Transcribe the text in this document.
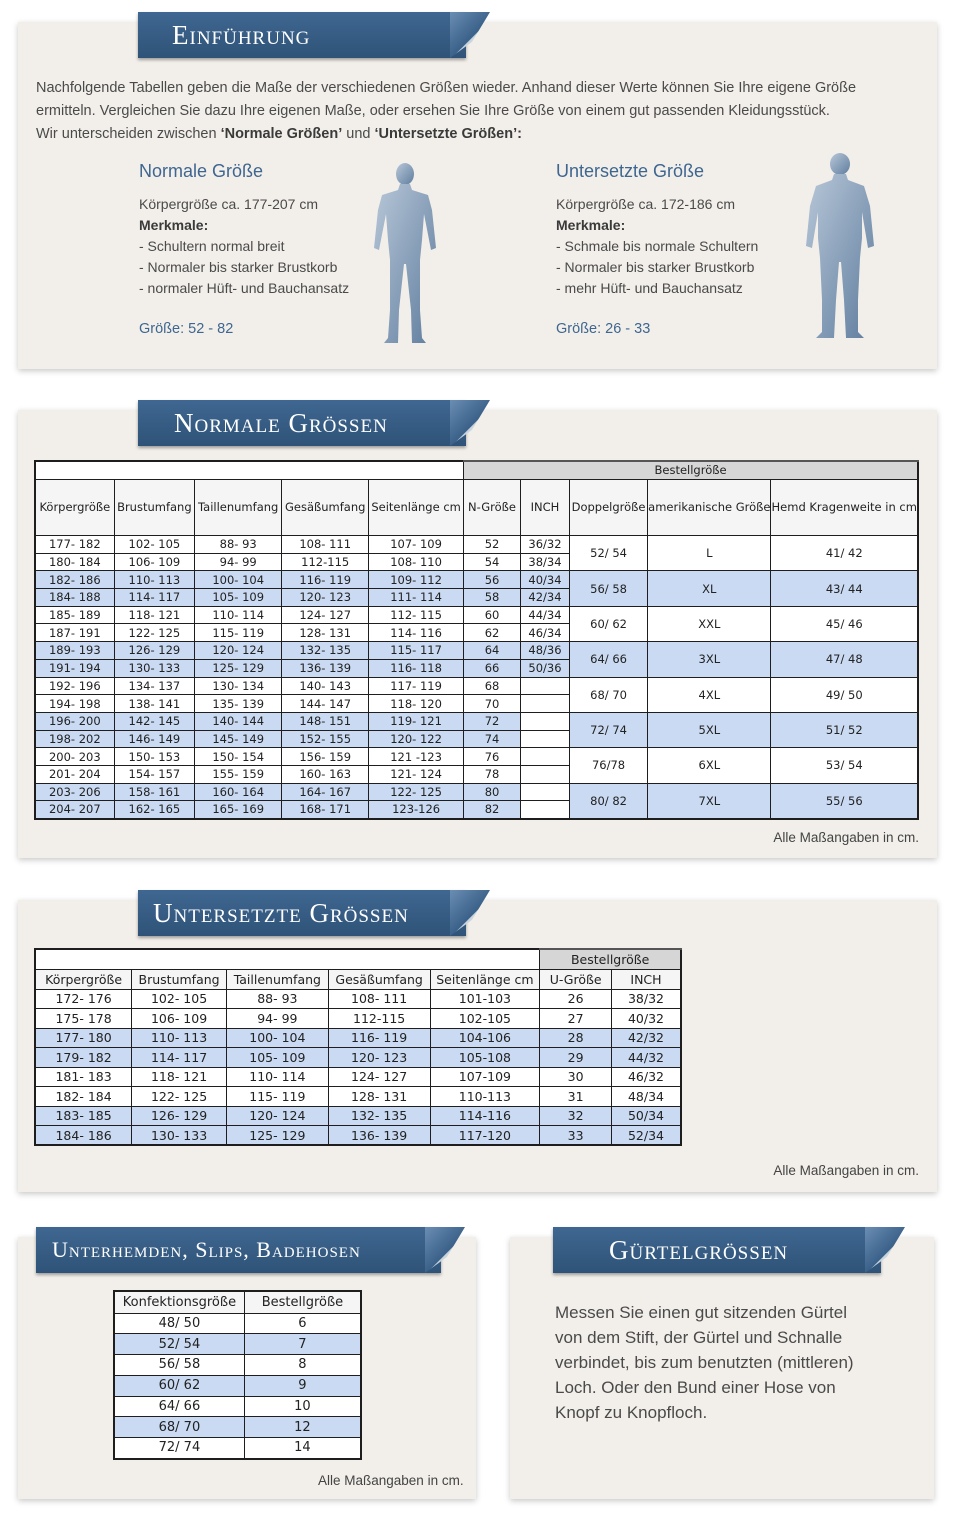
Einführung
Nachfolgende Tabellen geben die Maße der verschiedenen Größen wieder. Anhand dieser Werte können Sie Ihre eigene Größe ermitteln. Vergleichen Sie dazu Ihre eigenen Maße, oder ersehen Sie Ihre Größe von einem gut passenden Kleidungsstück.
Wir unterscheiden zwischen ‘Normale Größen’ und ‘Untersetzte Größen’:
Normale Größe
Körpergröße ca. 177-207 cm
Merkmale:
- Schultern normal breit
- Normaler bis starker Brustkorb
- normaler Hüft- und Bauchansatz
Größe: 52 - 82
Untersetzte Größe
Körpergröße ca. 172-186 cm
Merkmale:
- Schmale bis normale Schultern
- Normaler bis starker Brustkorb
- mehr Hüft- und Bauchansatz
Größe: 26 - 33
Normale Grössen
					Bestellgröße				
Körpergröße	Brustumfang	Taillenumfang	Gesäßumfang	Seitenlänge cm	N-Größe	INCH	Doppelgröße	amerikanische Größe	Hemd Kragenweite in cm
177- 182	102- 105	88- 93	108- 111	107- 109	52	36/32	52/ 54	L	41/ 42
180- 184	106- 109	94- 99	112-115	108- 110	54	38/34			
182- 186	110- 113	100- 104	116- 119	109- 112	56	40/34	56/ 58	XL	43/ 44
184- 188	114- 117	105- 109	120- 123	111- 114	58	42/34			
185- 189	118- 121	110- 114	124- 127	112- 115	60	44/34	60/ 62	XXL	45/ 46
187- 191	122- 125	115- 119	128- 131	114- 116	62	46/34			
189- 193	126- 129	120- 124	132- 135	115- 117	64	48/36	64/ 66	3XL	47/ 48
191- 194	130- 133	125- 129	136- 139	116- 118	66	50/36			
192- 196	134- 137	130- 134	140- 143	117- 119	68		68/ 70	4XL	49/ 50
194- 198	138- 141	135- 139	144- 147	118- 120	70				
196- 200	142- 145	140- 144	148- 151	119- 121	72		72/ 74	5XL	51/ 52
198- 202	146- 149	145- 149	152- 155	120- 122	74				
200- 203	150- 153	150- 154	156- 159	121 -123	76		76/78	6XL	53/ 54
201- 204	154- 157	155- 159	160- 163	121- 124	78				
203- 206	158- 161	160- 164	164- 167	122- 125	80		80/ 82	7XL	55/ 56
204- 207	162- 165	165- 169	168- 171	123-126	82				
Alle Maßangaben in cm.
Untersetzte Grössen
					Bestellgröße	
Körpergröße	Brustumfang	Taillenumfang	Gesäßumfang	Seitenlänge cm	U-Größe	INCH
172- 176	102- 105	88- 93	108- 111	101-103	26	38/32
175- 178	106- 109	94- 99	112-115	102-105	27	40/32
177- 180	110- 113	100- 104	116- 119	104-106	28	42/32
179- 182	114- 117	105- 109	120- 123	105-108	29	44/32
181- 183	118- 121	110- 114	124- 127	107-109	30	46/32
182- 184	122- 125	115- 119	128- 131	110-113	31	48/34
183- 185	126- 129	120- 124	132- 135	114-116	32	50/34
184- 186	130- 133	125- 129	136- 139	117-120	33	52/34
Alle Maßangaben in cm.
Unterhemden, Slips, Badehosen
Konfektionsgröße	Bestellgröße
48/ 50	6
52/ 54	7
56/ 58	8
60/ 62	9
64/ 66	10
68/ 70	12
72/ 74	14
Alle Maßangaben in cm.
Gürtelgrössen
Messen Sie einen gut sitzenden Gürtel von dem Stift, der Gürtel und Schnalle verbindet, bis zum benutzten (mittleren) Loch. Oder den Bund einer Hose von Knopf zu Knopfloch.
